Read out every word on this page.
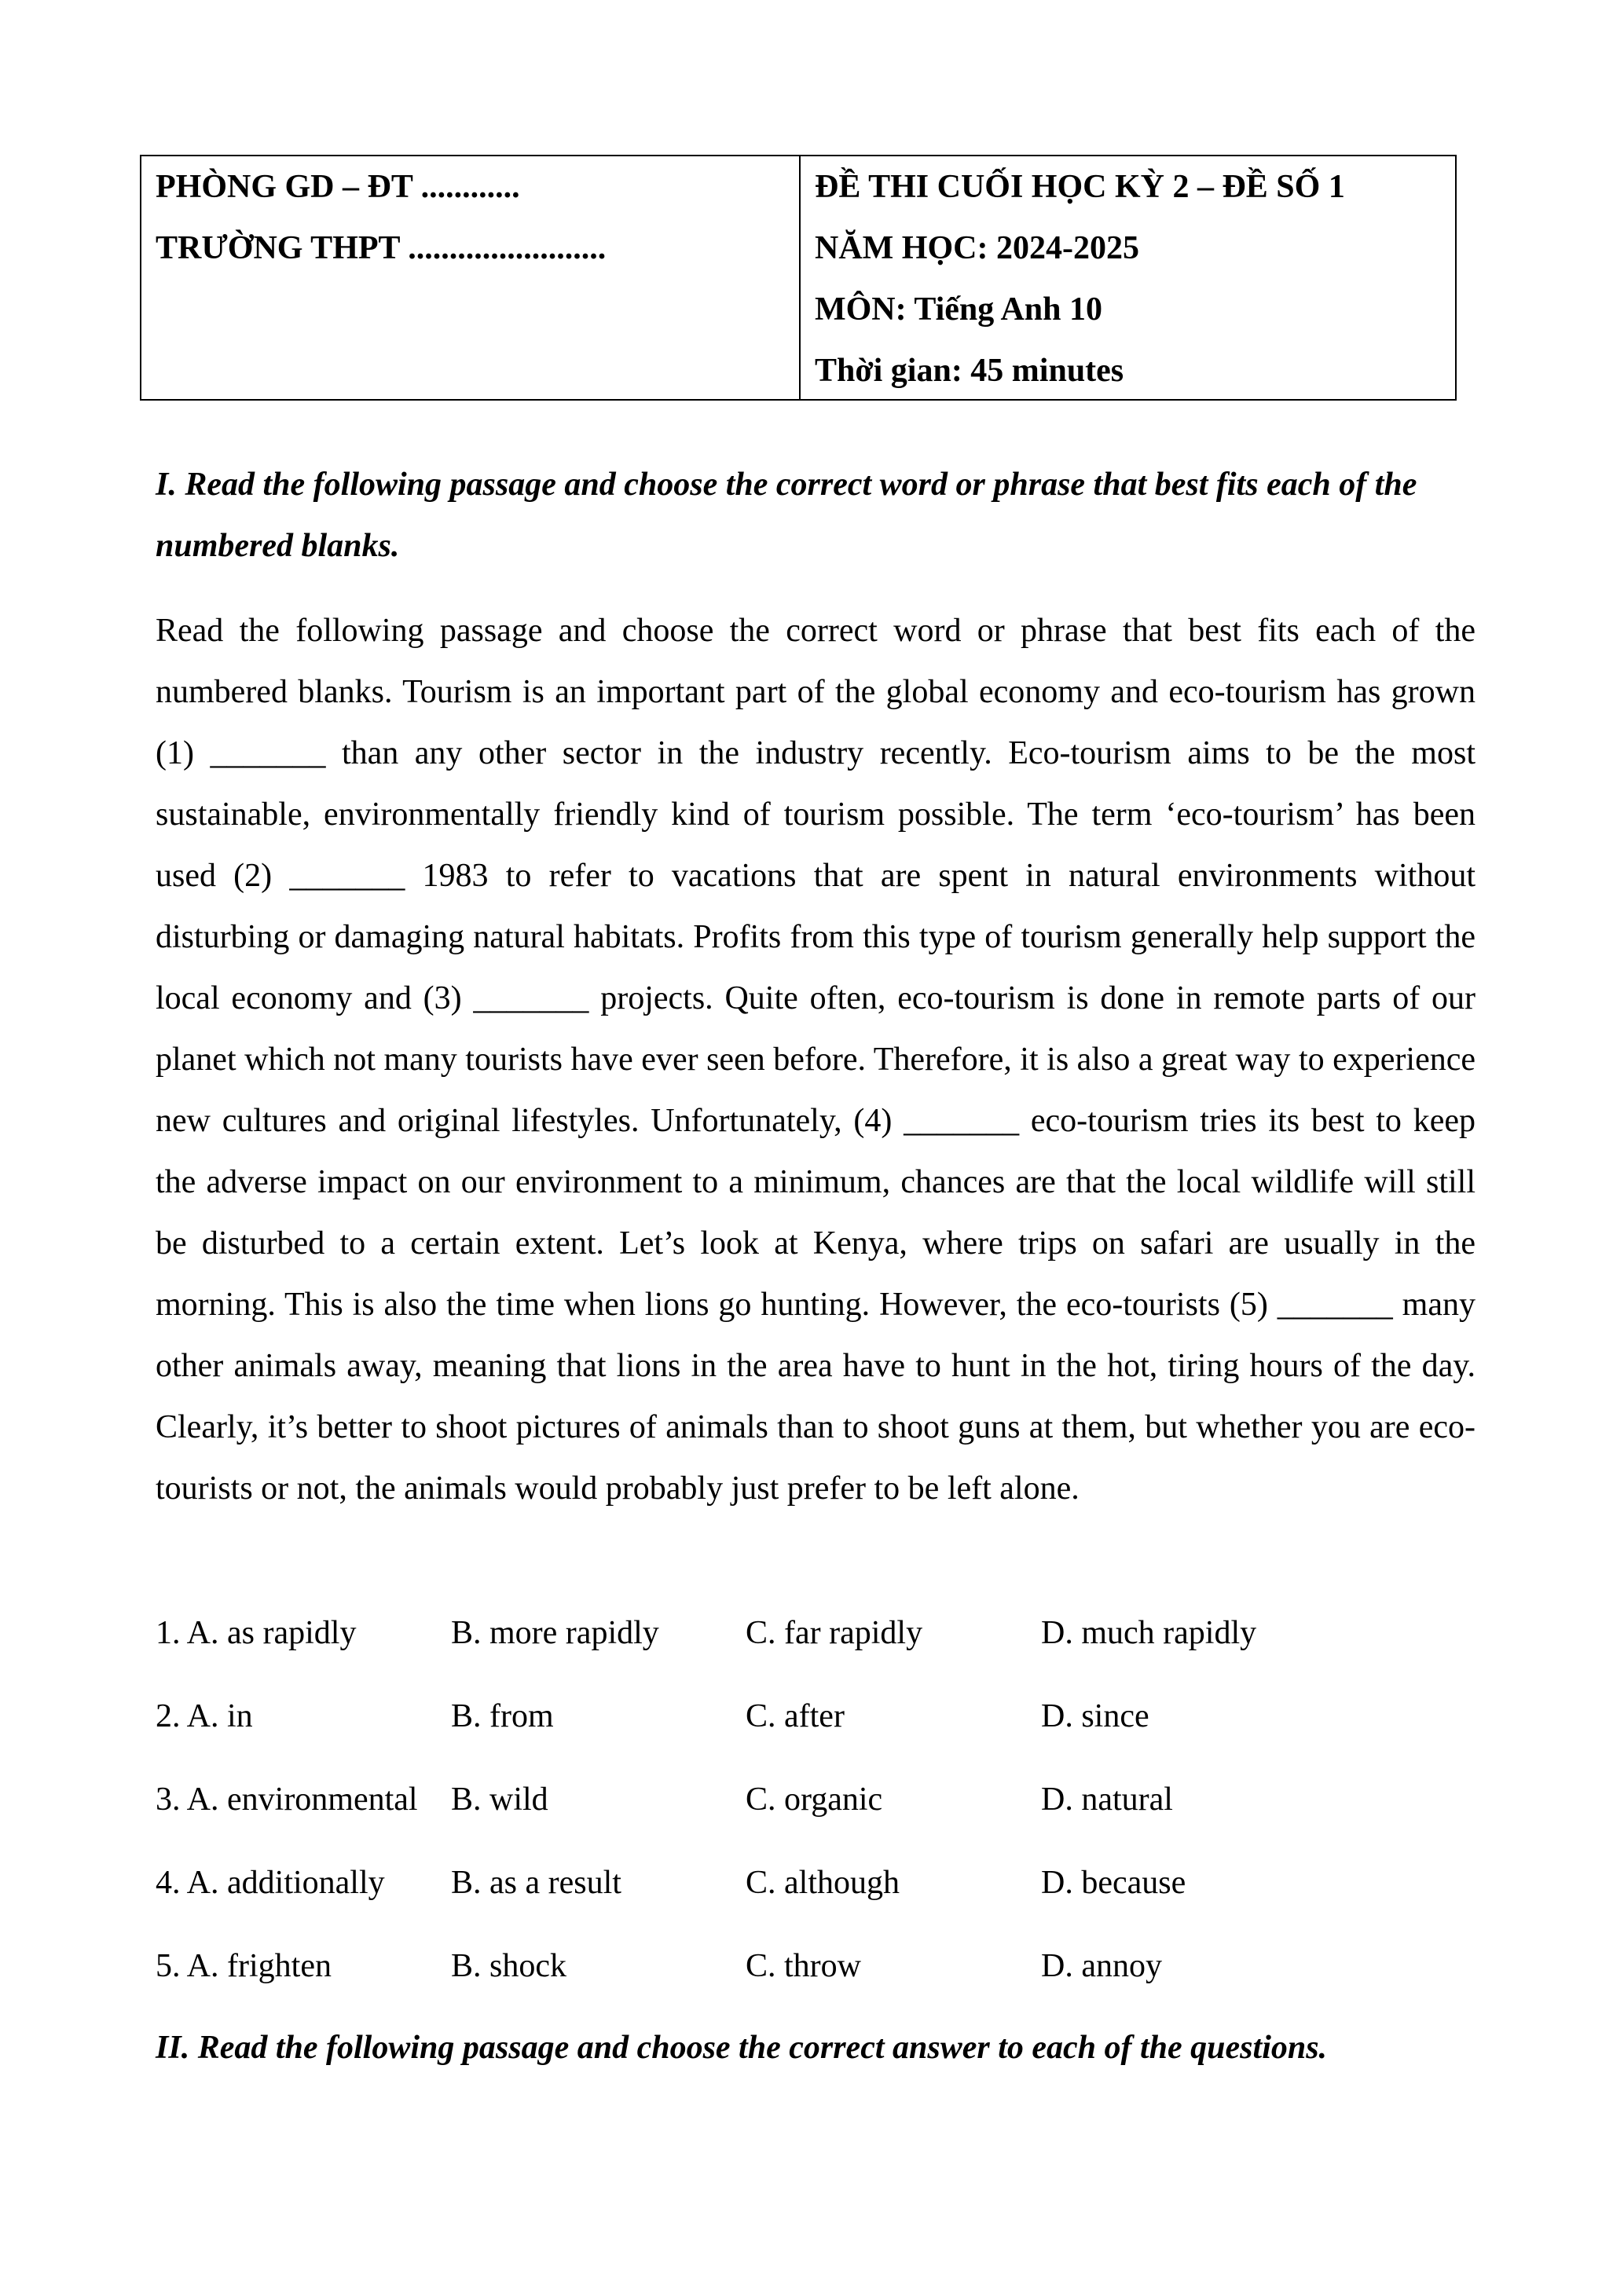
PHÒNG GD – ĐT ............
TRƯỜNG THPT ........................
ĐỀ THI CUỐI HỌC KỲ 2 – ĐỀ SỐ 1
NĂM HỌC: 2024-2025
MÔN: Tiếng Anh 10
Thời gian: 45 minutes
I. Read the following passage and choose the correct word or phrase that best fits each of the numbered blanks.
Read the following passage and choose the correct word or phrase that best fits each of the numbered blanks. Tourism is an important part of the global economy and eco-tourism has grown (1) _______ than any other sector in the industry recently. Eco-tourism aims to be the most sustainable, environmentally friendly kind of tourism possible. The term ‘eco-tourism’ has been used (2) _______ 1983 to refer to vacations that are spent in natural environments without disturbing or damaging natural habitats. Profits from this type of tourism generally help support the local economy and (3) _______ projects. Quite often, eco-tourism is done in remote parts of our planet which not many tourists have ever seen before. Therefore, it is also a great way to experience new cultures and original lifestyles. Unfortunately, (4) _______ eco-tourism tries its best to keep the adverse impact on our environment to a minimum, chances are that the local wildlife will still be disturbed to a certain extent. Let’s look at Kenya, where trips on safari are usually in the morning. This is also the time when lions go hunting. However, the eco-tourists (5) _______ many other animals away, meaning that lions in the area have to hunt in the hot, tiring hours of the day. Clearly, it’s better to shoot pictures of animals than to shoot guns at them, but whether you are eco-tourists or not, the animals would probably just prefer to be left alone.
1. A. as rapidly	B. more rapidly	C. far rapidly	D. much rapidly
2. A. in	B. from	C. after	D. since
3. A. environmental B. wild	C. organic	D. natural
4. A. additionally B. as a result	C. although	D. because
5. A. frighten	B. shock	C. throw	D. annoy
II. Read the following passage and choose the correct answer to each of the questions.
